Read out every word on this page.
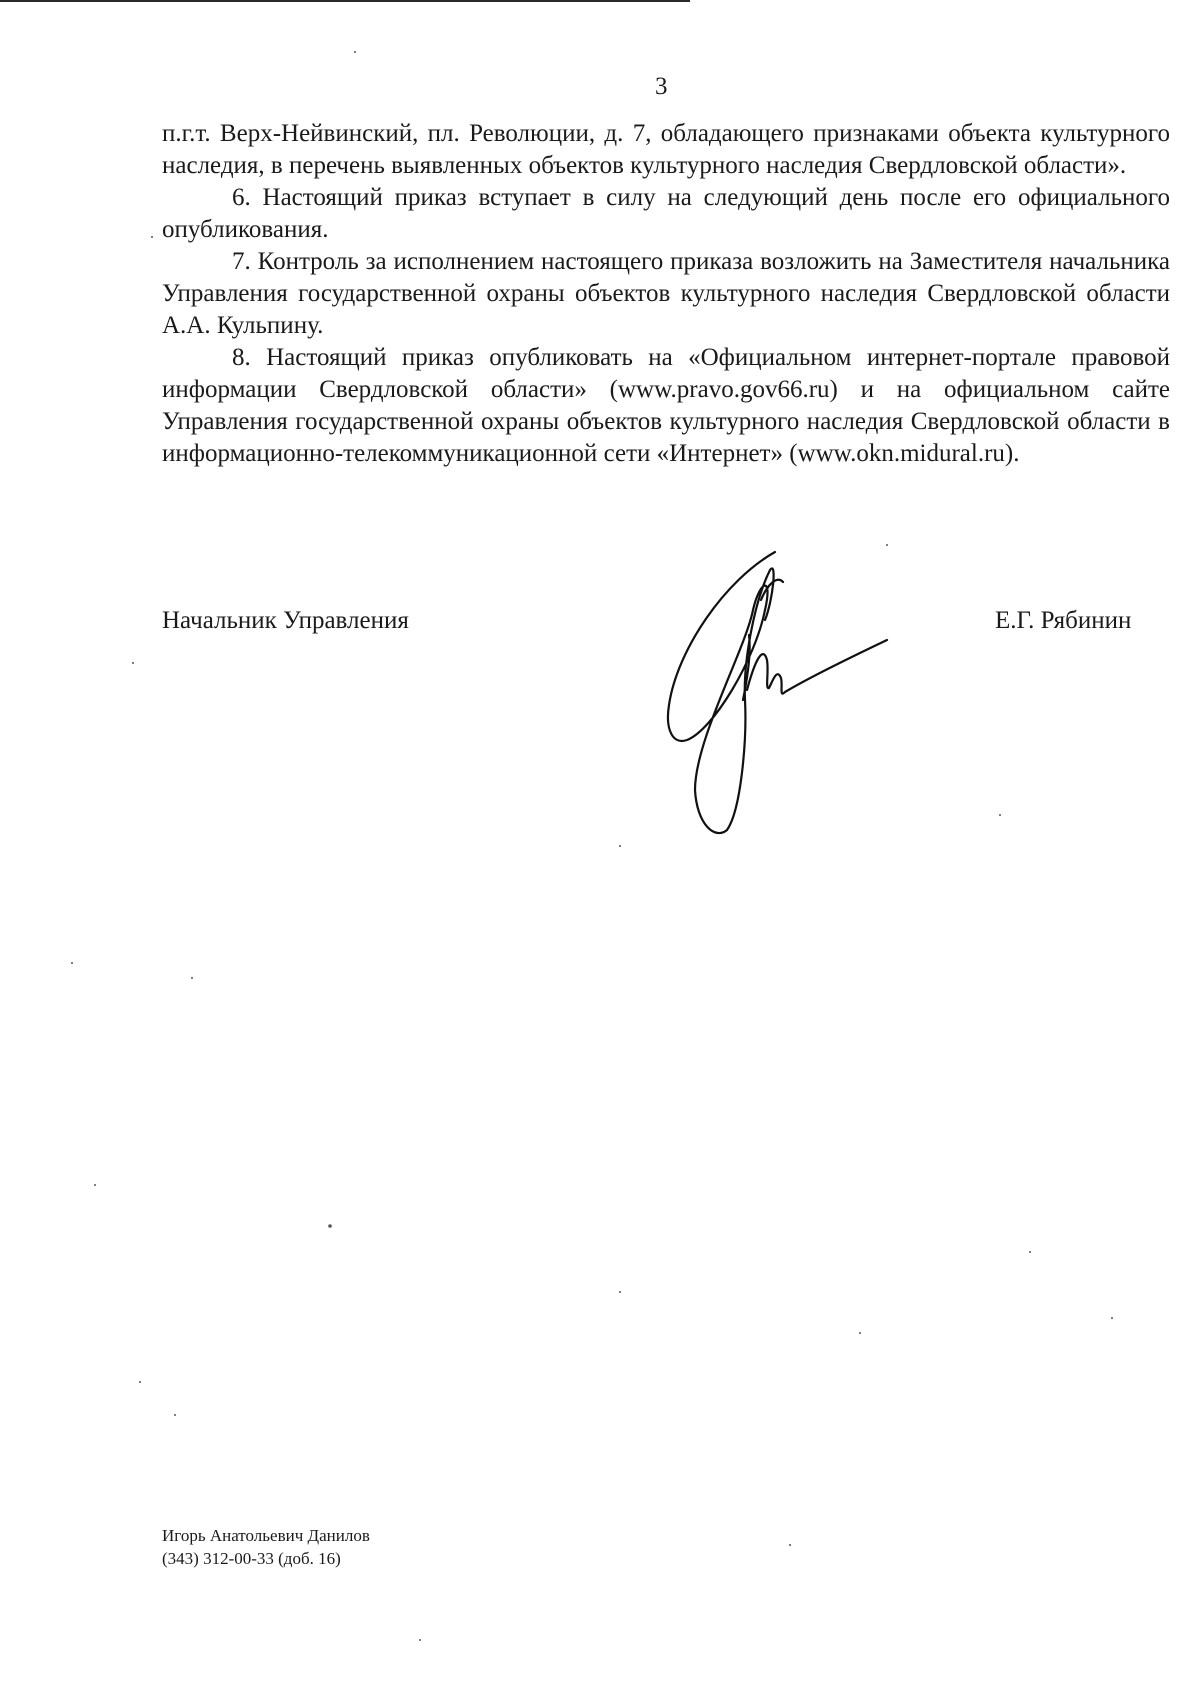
3

п.г.т. Верх-Нейвинский, пл. Революции, д. 7, обладающего признаками объекта культурного наследия, в перечень выявленных объектов культурного наследия Свердловской области».

6. Настоящий приказ вступает в силу на следующий день после его официального опубликования.

7. Контроль за исполнением настоящего приказа возложить на Заместителя начальника Управления государственной охраны объектов культурного наследия Свердловской области А.А. Кульпину.

8. Настоящий приказ опубликовать на «Официальном интернет-портале правовой информации Свердловской области» (www.pravo.gov66.ru) и на официальном сайте Управления государственной охраны объектов культурного наследия Свердловской области в информационно-телекоммуникационной сети «Интернет» (www.okn.midural.ru).

Начальник Управления	Е.Г. Рябинин
Игорь Анатольевич Данилов
(343) 312-00-33 (доб. 16)
